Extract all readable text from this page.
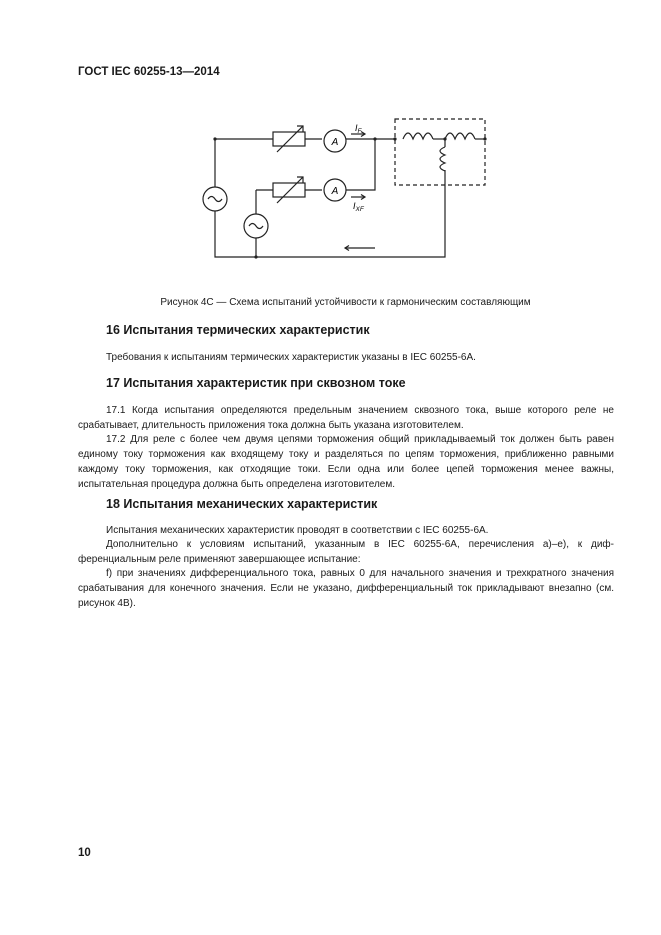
ГОСТ IEC 60255-13—2014
A
A
$I_F$
$I_{XF}$
Рисунок 4С — Схема испытаний устойчивости к гармоническим составляющим
16 Испытания термических характеристик

Требования к испытаниям термических характеристик указаны в IEC 60255-6A.

17 Испытания характеристик при сквозном токе

17.1 Когда испытания определяются предельным значением сквозного тока, выше которого реле не срабатывает, длительность приложения тока должна быть указана изготовителем.

17.2 Для реле с более чем двумя цепями торможения общий прикладываемый ток должен быть равен единому току торможения как входящему току и разделяться по цепям торможения, приближенно равными каждому току торможения, как отходящие токи. Если одна или более цепей торможения менее важны, испытательная процедура должна быть определена изготовителем.

18 Испытания механических характеристик

Испытания механических характеристик проводят в соответствии с IEC 60255-6A.

Дополнительно к условиям испытаний, указанным в IEC 60255-6A, перечисления а)–е), к дифференциальным реле применяют завершающее испытание:

f) при значениях дифференциального тока, равных 0 для начального значения и трехкратного значения срабатывания для конечного значения. Если не указано, дифференциальный ток прикладывают внезапно (см. рисунок 4B).

10
